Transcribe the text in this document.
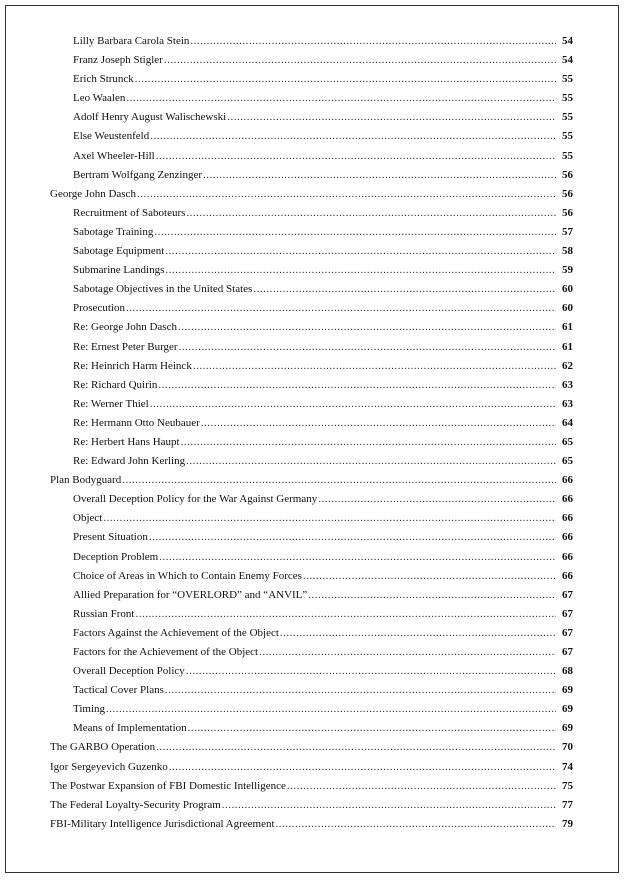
Lilly Barbara Carola Stein .....	54
Franz Joseph Stigler .....	54
Erich Strunck .....	55
Leo Waalen .....	55
Adolf Henry August Walischewski .....	55
Else Weustenfeld .....	55
Axel Wheeler-Hill .....	55
Bertram Wolfgang Zenzinger .....	56
George John Dasch .....	56
Recruitment of Saboteurs .....	56
Sabotage Training .....	57
Sabotage Equipment .....	58
Submarine Landings .....	59
Sabotage Objectives in the United States .....	60
Prosecution .....	60
Re: George John Dasch .....	61
Re: Ernest Peter Burger .....	61
Re: Heinrich Harm Heinck .....	62
Re: Richard Quirin .....	63
Re: Werner Thiel .....	63
Re: Hermann Otto Neubauer .....	64
Re: Herbert Hans Haupt .....	65
Re: Edward John Kerling .....	65
Plan Bodyguard .....	66
Overall Deception Policy for the War Against Germany .....	66
Object .....	66
Present Situation .....	66
Deception Problem .....	66
Choice of Areas in Which to Contain Enemy Forces .....	66
Allied Preparation for “OVERLORD” and “ANVIL” .....	67
Russian Front .....	67
Factors Against the Achievement of the Object .....	67
Factors for the Achievement of the Object .....	67
Overall Deception Policy .....	68
Tactical Cover Plans .....	69
Timing .....	69
Means of Implementation .....	69
The GARBO Operation .....	70
Igor Sergeyevich Guzenko .....	74
The Postwar Expansion of FBI Domestic Intelligence .....	75
The Federal Loyalty-Security Program .....	77
FBI-Military Intelligence Jurisdictional Agreement .....	79
